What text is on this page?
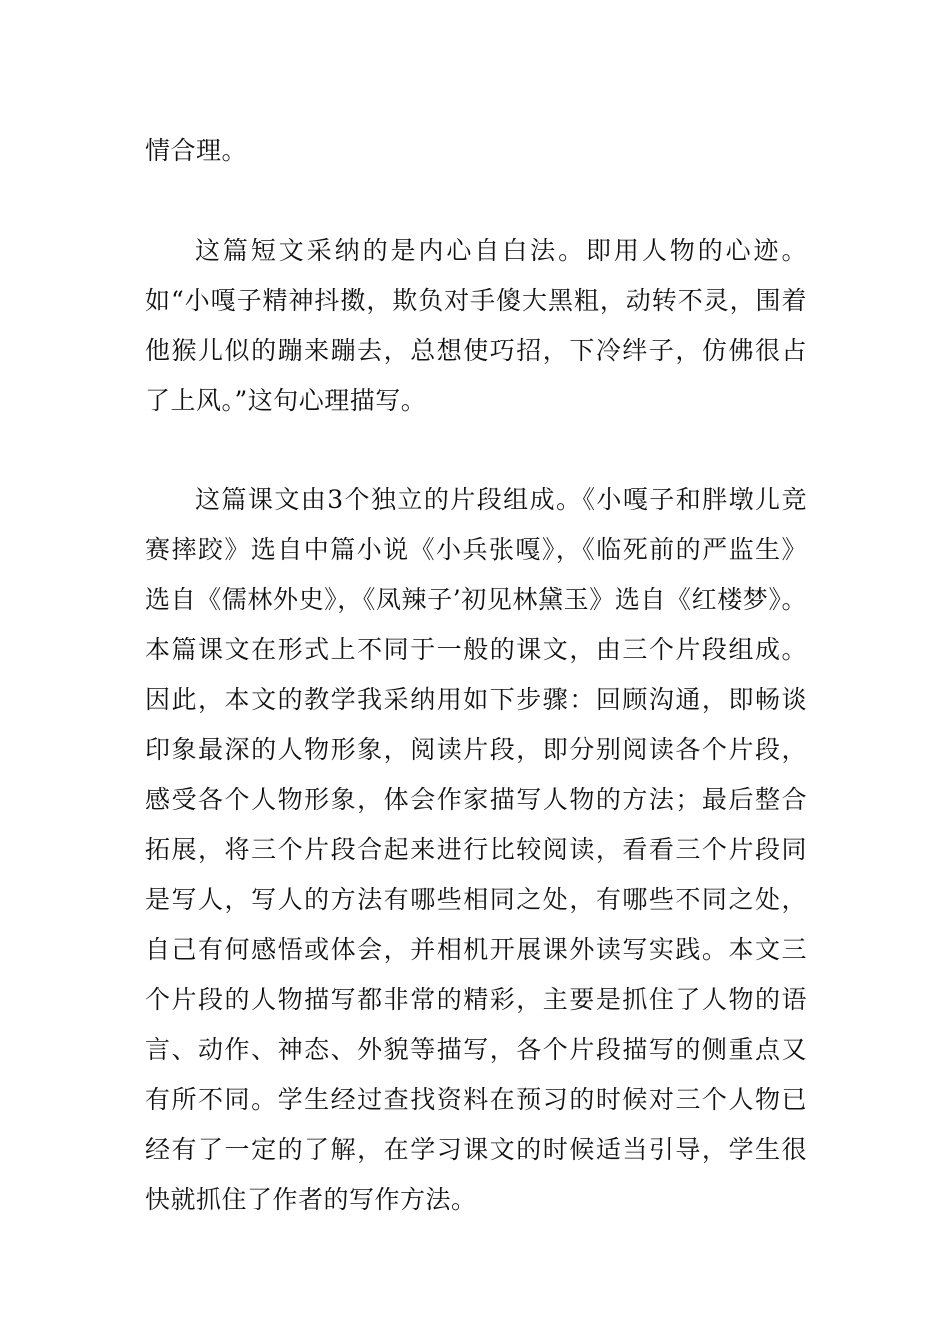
情合理。

这篇短文采纳的是内心自白法。即用人物的心迹。如“小嘎子精神抖擞，欺负对手傻大黑粗，动转不灵，围着他猴儿似的蹦来蹦去，总想使巧招，下冷绊子，仿佛很占了上风。”这句心理描写。

这篇课文由3个独立的片段组成。《小嘎子和胖墩儿竞赛摔跤》选自中篇小说《小兵张嘎》，《临死前的严监生》选自《儒林外史》，《凤辣子’初见林黛玉》选自《红楼梦》。本篇课文在形式上不同于一般的课文，由三个片段组成。因此，本文的教学我采纳用如下步骤：回顾沟通，即畅谈印象最深的人物形象，阅读片段，即分别阅读各个片段，感受各个人物形象，体会作家描写人物的方法；最后整合拓展，将三个片段合起来进行比较阅读，看看三个片段同是写人，写人的方法有哪些相同之处，有哪些不同之处，自己有何感悟或体会，并相机开展课外读写实践。本文三个片段的人物描写都非常的精彩，主要是抓住了人物的语言、动作、神态、外貌等描写，各个片段描写的侧重点又有所不同。学生经过查找资料在预习的时候对三个人物已经有了一定的了解，在学习课文的时候适当引导，学生很快就抓住了作者的写作方法。
